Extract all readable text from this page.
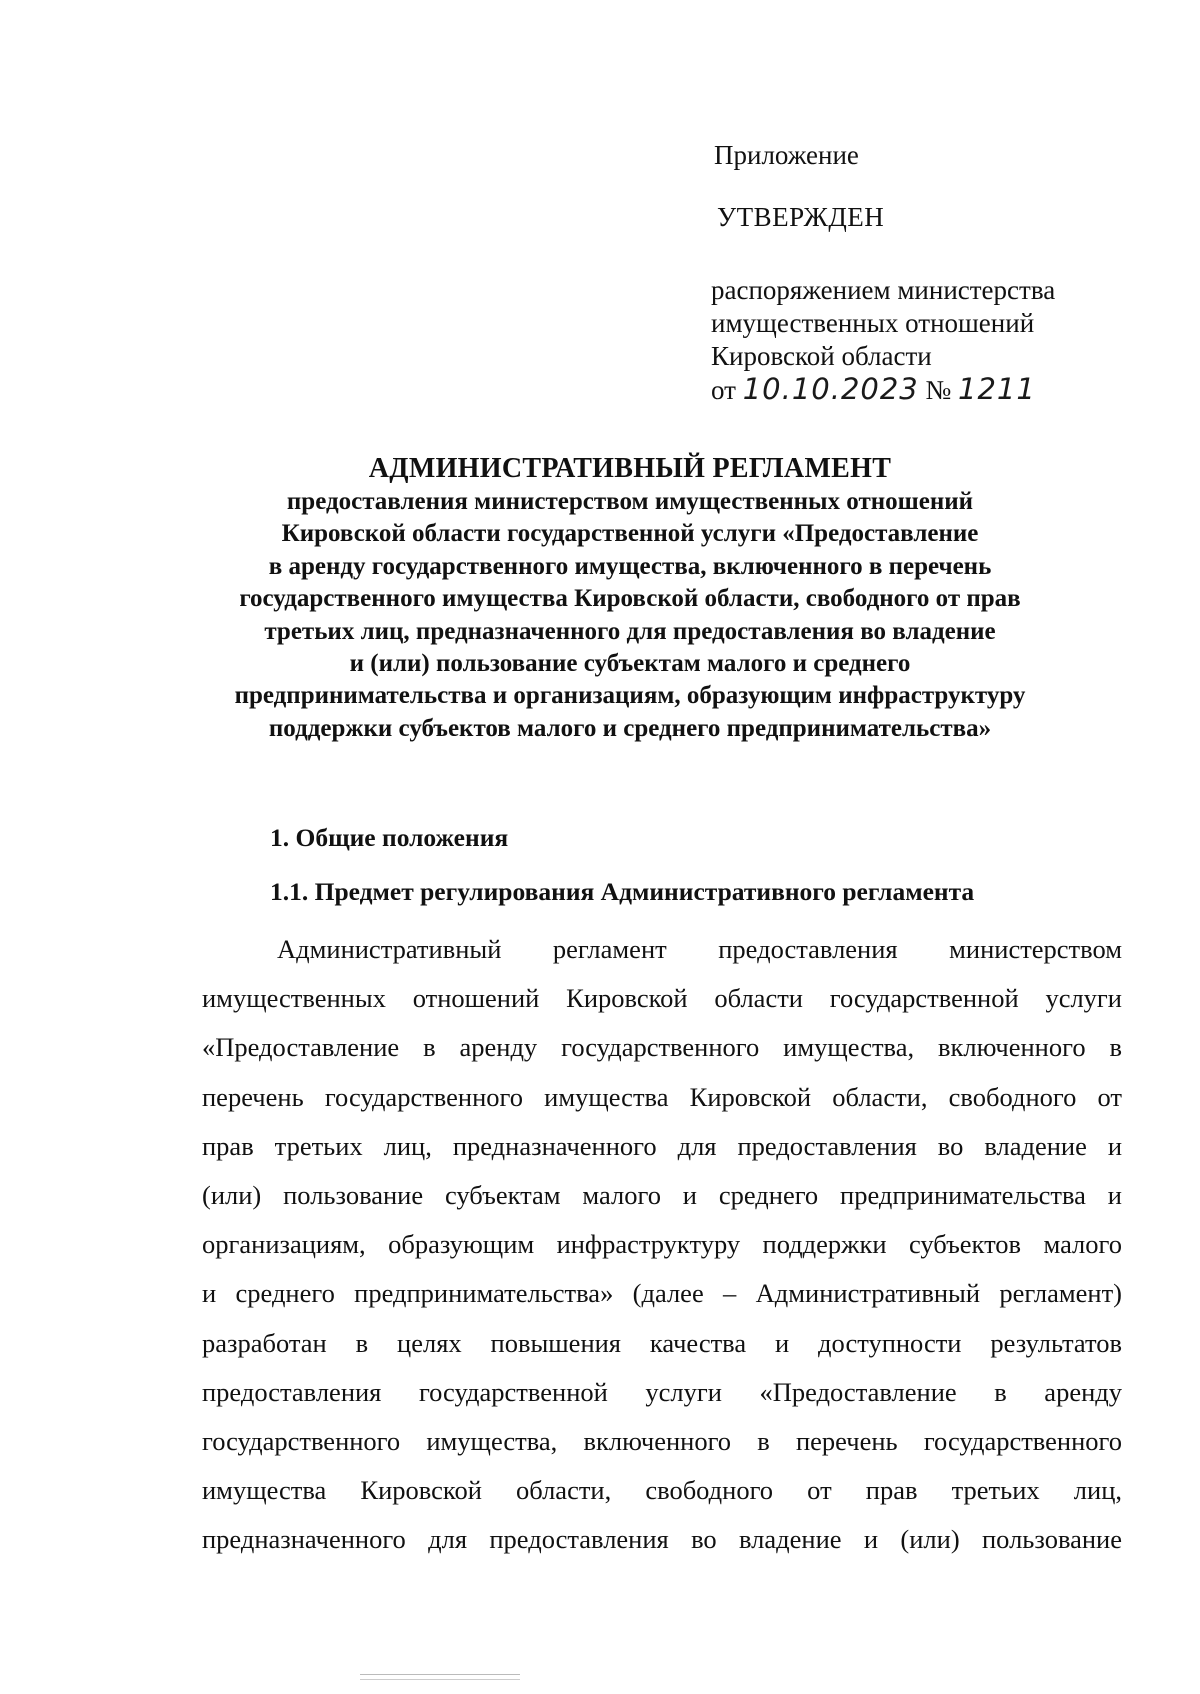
Приложение
УТВЕРЖДЕН
распоряжением министерства
имущественных отношений
Кировской области
от 10.10.2023 № 1211
АДМИНИСТРАТИВНЫЙ РЕГЛАМЕНТ
предоставления министерством имущественных отношений
Кировской области государственной услуги «Предоставление
в аренду государственного имущества, включенного в перечень
государственного имущества Кировской области, свободного от прав
третьих лиц, предназначенного для предоставления во владение
и (или) пользование субъектам малого и среднего
предпринимательства и организациям, образующим инфраструктуру
поддержки субъектов малого и среднего предпринимательства»
1. Общие положения
1.1. Предмет регулирования Административного регламента
Административный регламент предоставления министерством
имущественных отношений Кировской области государственной услуги
«Предоставление в аренду государственного имущества, включенного в
перечень государственного имущества Кировской области, свободного от
прав третьих лиц, предназначенного для предоставления во владение и
(или) пользование субъектам малого и среднего предпринимательства и
организациям, образующим инфраструктуру поддержки субъектов малого
и среднего предпринимательства» (далее – Административный регламент)
разработан в целях повышения качества и доступности результатов
предоставления государственной услуги «Предоставление в аренду
государственного имущества, включенного в перечень государственного
имущества Кировской области, свободного от прав третьих лиц,
предназначенного для предоставления во владение и (или) пользование
